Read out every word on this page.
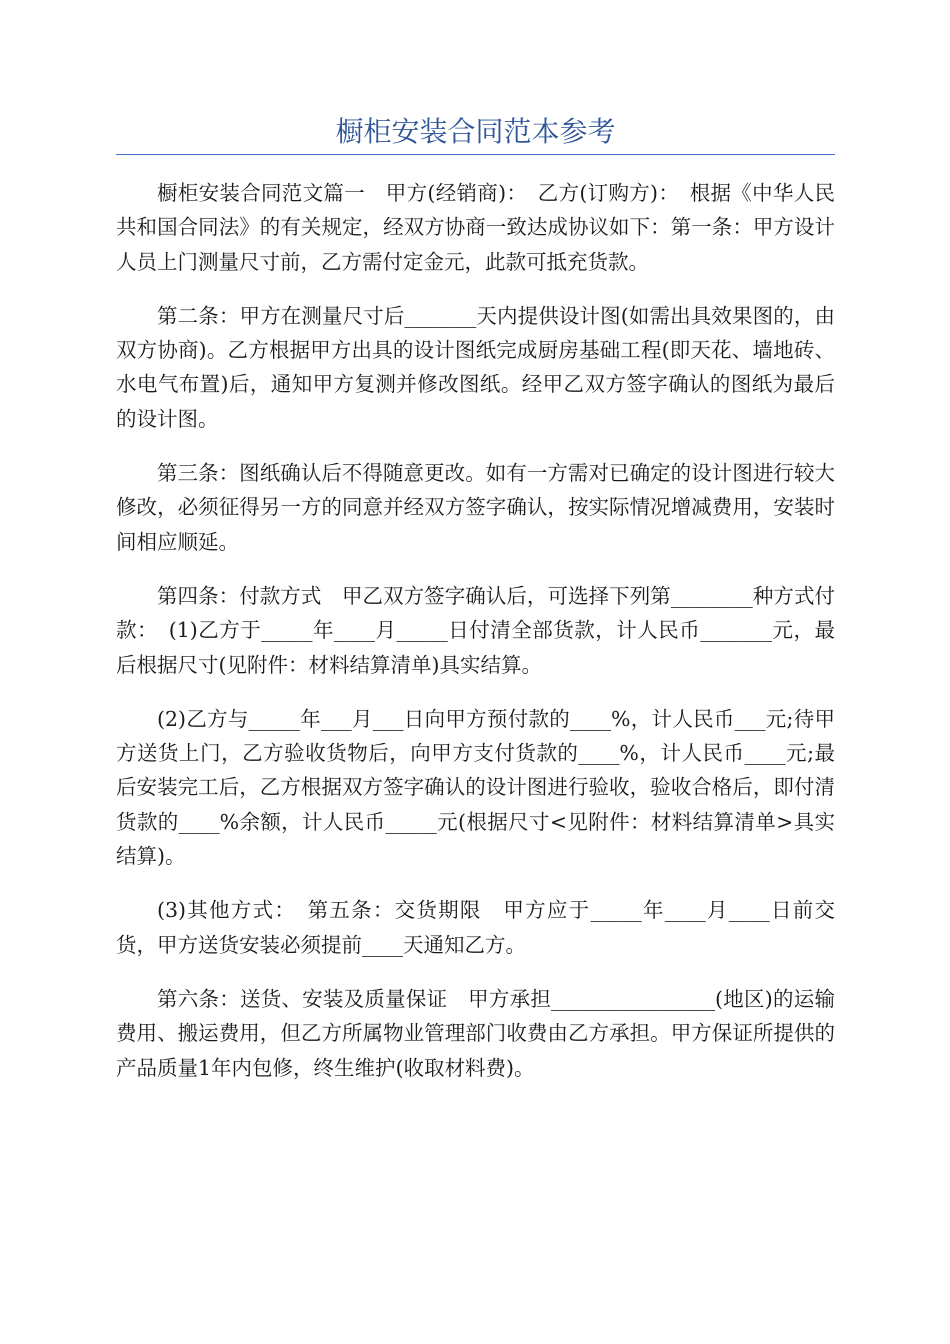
橱柜安装合同范本参考

橱柜安装合同范文篇一　甲方(经销商)：　乙方(订购方)：　根据《中华人民共和国合同法》的有关规定，经双方协商一致达成协议如下：第一条：甲方设计人员上门测量尺寸前，乙方需付定金元，此款可抵充货款。

第二条：甲方在测量尺寸后_______天内提供设计图(如需出具效果图的，由双方协商)。乙方根据甲方出具的设计图纸完成厨房基础工程(即天花、墙地砖、水电气布置)后，通知甲方复测并修改图纸。经甲乙双方签字确认的图纸为最后的设计图。

第三条：图纸确认后不得随意更改。如有一方需对已确定的设计图进行较大修改，必须征得另一方的同意并经双方签字确认，按实际情况增减费用，安装时间相应顺延。

第四条：付款方式　甲乙双方签字确认后，可选择下列第________种方式付款：　(1)乙方于_____年____月_____日付清全部货款，计人民币_______元，最后根据尺寸(见附件：材料结算清单)具实结算。

(2)乙方与_____年___月___日向甲方预付款的____%，计人民币___元;待甲方送货上门，乙方验收货物后，向甲方支付货款的____%，计人民币____元;最后安装完工后，乙方根据双方签字确认的设计图进行验收，验收合格后，即付清货款的____%余额，计人民币_____元(根据尺寸<见附件：材料结算清单>具实结算)。

(3)其他方式：　第五条：交货期限　甲方应于_____年____月____日前交货，甲方送货安装必须提前____天通知乙方。

第六条：送货、安装及质量保证　甲方承担________________(地区)的运输费用、搬运费用，但乙方所属物业管理部门收费由乙方承担。甲方保证所提供的产品质量1年内包修，终生维护(收取材料费)。
